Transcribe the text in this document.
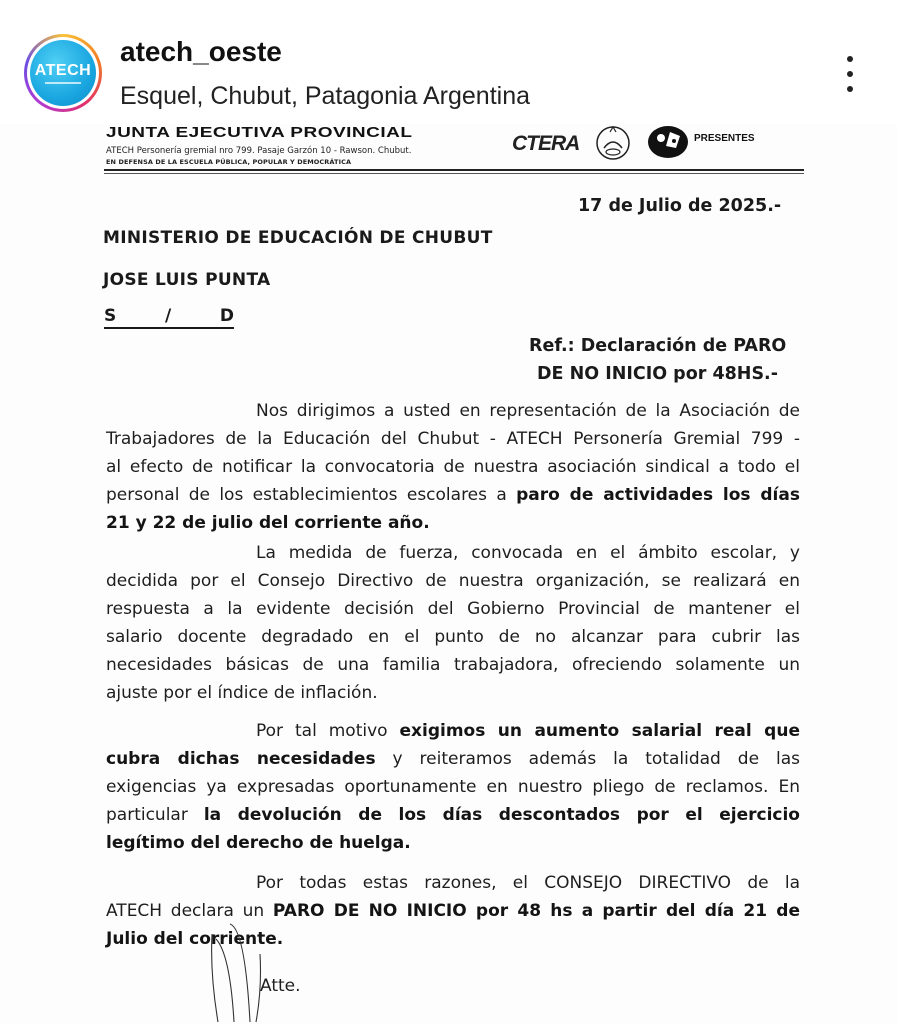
ATECH
atech_oeste
Esquel, Chubut, Patagonia Argentina
JUNTA EJECUTIVA PROVINCIAL
ATECH Personería gremial nro 799. Pasaje Garzón 10 - Rawson. Chubut.
EN DEFENSA DE LA ESCUELA PÚBLICA, POPULAR Y DEMOCRÁTICA
CTERA	PRESENTES
17 de Julio de 2025.-
MINISTERIO DE EDUCACIÓN DE CHUBUT
JOSE LUIS PUNTA
S	/	D
Ref.: Declaración de PARO
DE NO INICIO por 48HS.-
Nos dirigimos a usted en representación de la Asociación de
Trabajadores de la Educación del Chubut - ATECH Personería Gremial 799 -
al efecto de notificar la convocatoria de nuestra asociación sindical a todo el
personal de los establecimientos escolares a paro de actividades los días
21 y 22 de julio del corriente año.
La medida de fuerza, convocada en el ámbito escolar, y
decidida por el Consejo Directivo de nuestra organización, se realizará en
respuesta a la evidente decisión del Gobierno Provincial de mantener el
salario docente degradado en el punto de no alcanzar para cubrir las
necesidades básicas de una familia trabajadora, ofreciendo solamente un
ajuste por el índice de inflación.
Por tal motivo exigimos un aumento salarial real que
cubra dichas necesidades y reiteramos además la totalidad de las
exigencias ya expresadas oportunamente en nuestro pliego de reclamos. En
particular la devolución de los días descontados por el ejercicio
legítimo del derecho de huelga.
Por todas estas razones, el CONSEJO DIRECTIVO de la
ATECH declara un PARO DE NO INICIO por 48 hs a partir del día 21 de
Julio del corriente.
Atte.
